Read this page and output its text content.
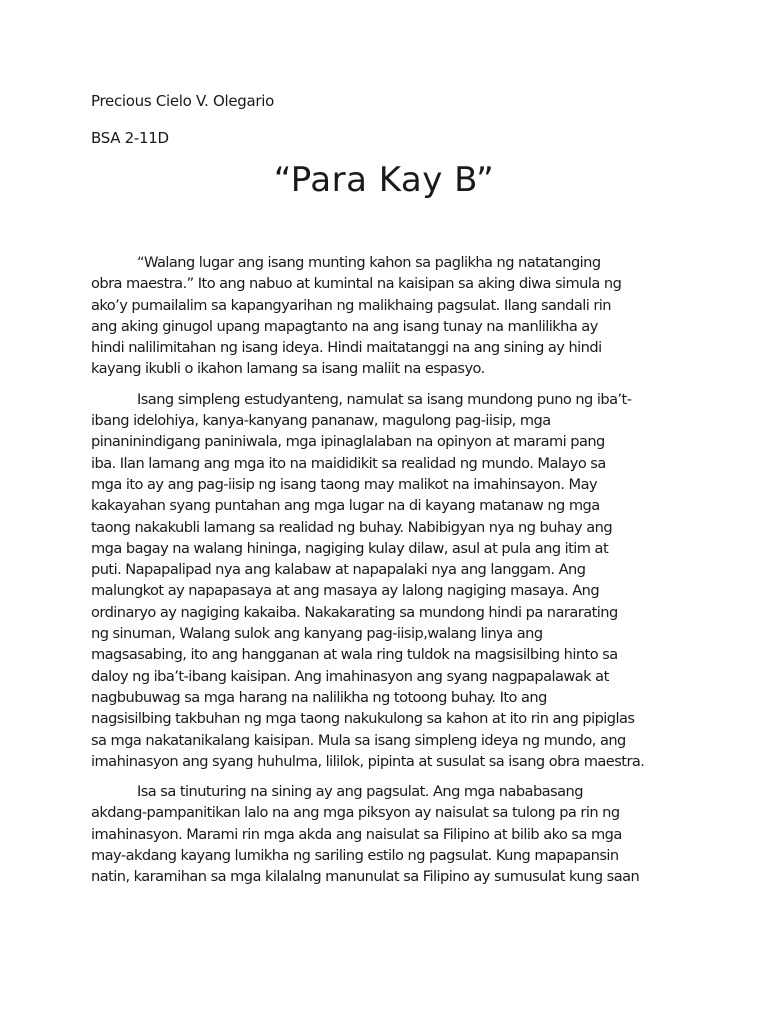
Precious Cielo V. Olegario

BSA 2-11D

“Para Kay B”

“Walang lugar ang isang munting kahon sa paglikha ng natatanging
obra maestra.” Ito ang nabuo at kumintal na kaisipan sa aking diwa simula ng
ako’y pumailalim sa kapangyarihan ng malikhaing pagsulat. Ilang sandali rin
ang aking ginugol upang mapagtanto na ang isang tunay na manlilikha ay
hindi nalilimitahan ng isang ideya. Hindi maitatanggi na ang sining ay hindi
kayang ikubli o ikahon lamang sa isang maliit na espasyo.

Isang simpleng estudyanteng, namulat sa isang mundong puno ng iba’t-
ibang idelohiya, kanya-kanyang pananaw, magulong pag-iisip, mga
pinaninindigang paniniwala, mga ipinaglalaban na opinyon at marami pang
iba. Ilan lamang ang mga ito na maididikit sa realidad ng mundo. Malayo sa
mga ito ay ang pag-iisip ng isang taong may malikot na imahinsayon. May
kakayahan syang puntahan ang mga lugar na di kayang matanaw ng mga
taong nakakubli lamang sa realidad ng buhay. Nabibigyan nya ng buhay ang
mga bagay na walang hininga, nagiging kulay dilaw, asul at pula ang itim at
puti. Napapalipad nya ang kalabaw at napapalaki nya ang langgam. Ang
malungkot ay napapasaya at ang masaya ay lalong nagiging masaya. Ang
ordinaryo ay nagiging kakaiba. Nakakarating sa mundong hindi pa nararating
ng sinuman, Walang sulok ang kanyang pag-iisip,walang linya ang
magsasabing, ito ang hangganan at wala ring tuldok na magsisilbing hinto sa
daloy ng iba’t-ibang kaisipan. Ang imahinasyon ang syang nagpapalawak at
nagbubuwag sa mga harang na nalilikha ng totoong buhay. Ito ang
nagsisilbing takbuhan ng mga taong nakukulong sa kahon at ito rin ang pipiglas
sa mga nakatanikalang kaisipan. Mula sa isang simpleng ideya ng mundo, ang
imahinasyon ang syang huhulma, lililok, pipinta at susulat sa isang obra maestra.

Isa sa tinuturing na sining ay ang pagsulat. Ang mga nababasang
akdang-pampanitikan lalo na ang mga piksyon ay naisulat sa tulong pa rin ng
imahinasyon. Marami rin mga akda ang naisulat sa Filipino at bilib ako sa mga
may-akdang kayang lumikha ng sariling estilo ng pagsulat. Kung mapapansin
natin, karamihan sa mga kilalalng manunulat sa Filipino ay sumusulat kung saan
